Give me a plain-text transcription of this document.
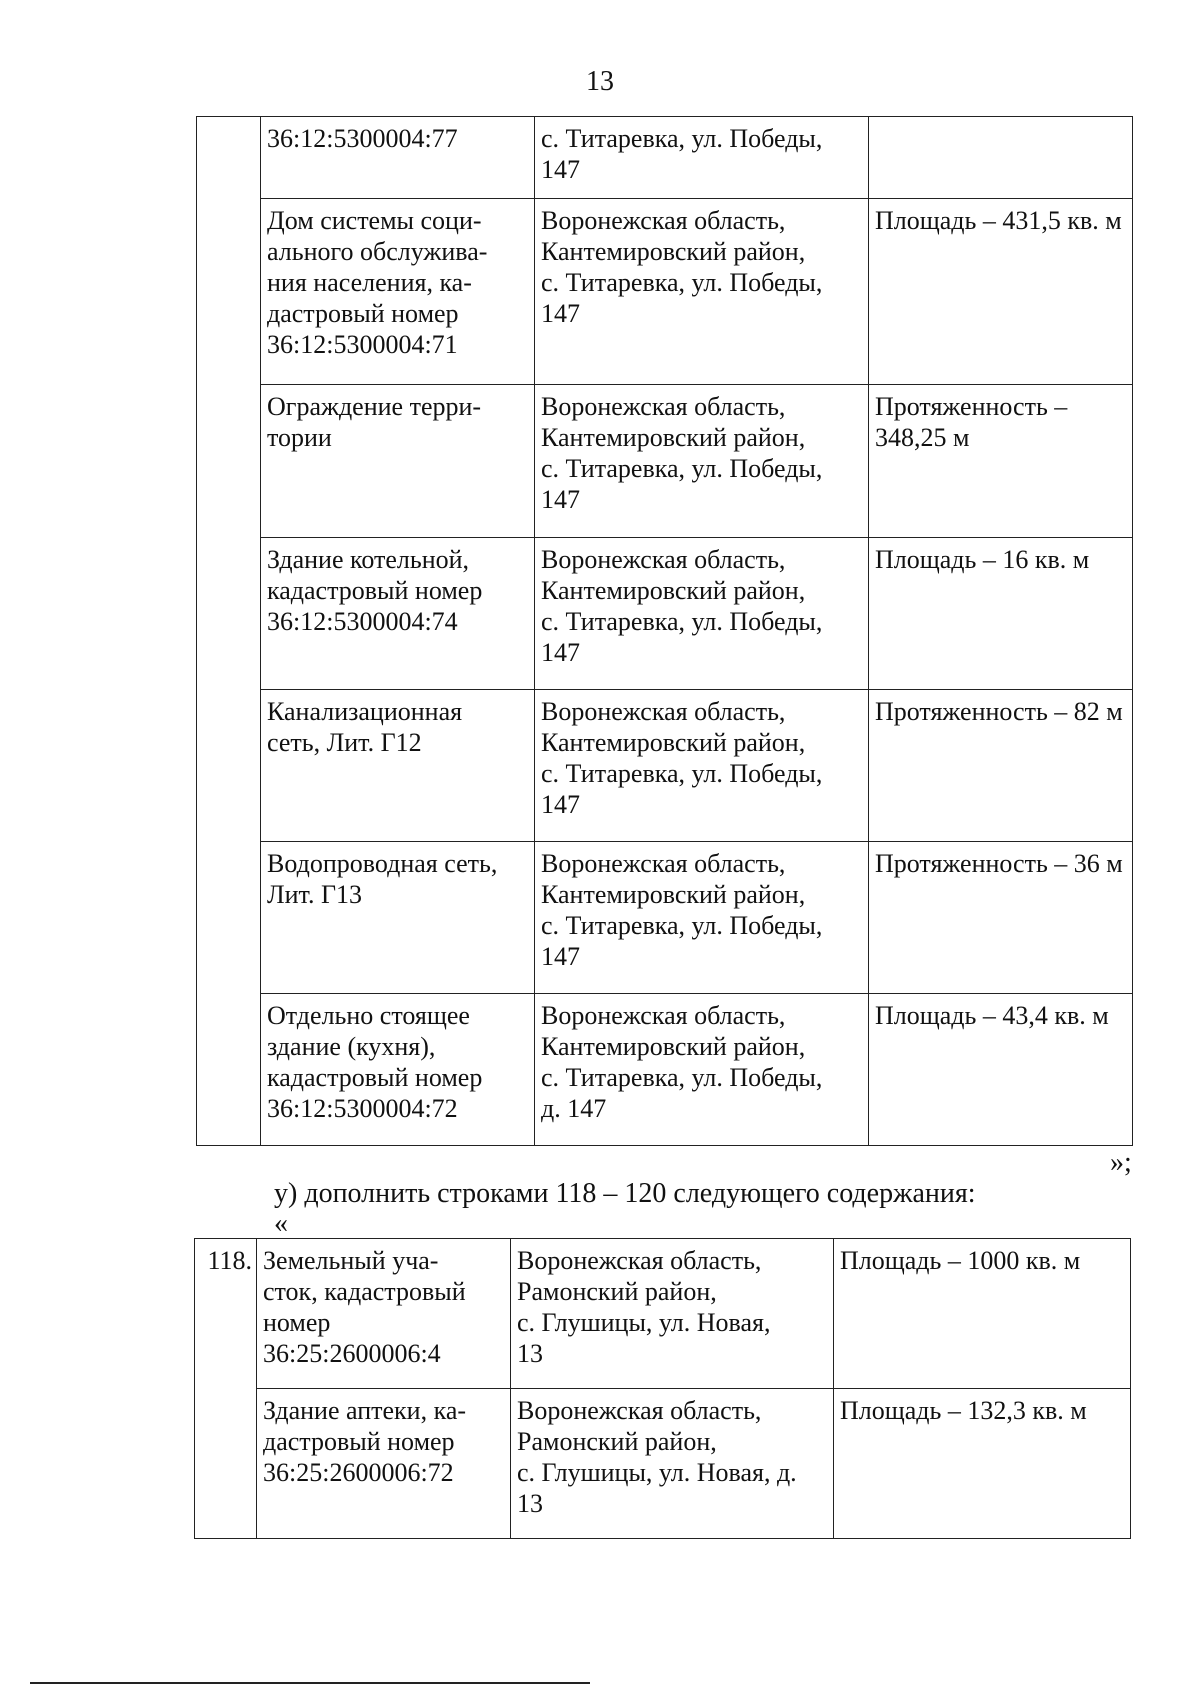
13
	36:12:5300004:77	с. Титаревка, ул. Победы, 147	
	Дом системы соци-
ального обслужива-
ния населения, ка-
дастровый номер
36:12:5300004:71	Воронежская область,
Кантемировский район,
с. Титаревка, ул. Победы,
147	Площадь – 431,5 кв. м
	Ограждение терри-
тории	Воронежская область,
Кантемировский район,
с. Титаревка, ул. Победы,
147	Протяженность –
348,25 м
	Здание котельной,
кадастровый номер
36:12:5300004:74	Воронежская область,
Кантемировский район,
с. Титаревка, ул. Победы,
147	Площадь – 16 кв. м
	Канализационная
сеть, Лит. Г12	Воронежская область,
Кантемировский район,
с. Титаревка, ул. Победы,
147	Протяженность – 82 м
	Водопроводная сеть,
Лит. Г13	Воронежская область,
Кантемировский район,
с. Титаревка, ул. Победы,
147	Протяженность – 36 м
	Отдельно стоящее
здание (кухня),
кадастровый номер
36:12:5300004:72	Воронежская область,
Кантемировский район,
с. Титаревка, ул. Победы,
д. 147	Площадь – 43,4 кв. м
»;
у) дополнить строками 118 – 120 следующего содержания:
«
118.	Земельный уча-
сток, кадастровый
номер
36:25:2600006:4	Воронежская область,
Рамонский район,
с. Глушицы, ул. Новая,
13	Площадь – 1000 кв. м
	Здание аптеки, ка-
дастровый номер
36:25:2600006:72	Воронежская область,
Рамонский район,
с. Глушицы, ул. Новая, д.
13	Площадь – 132,3 кв. м
